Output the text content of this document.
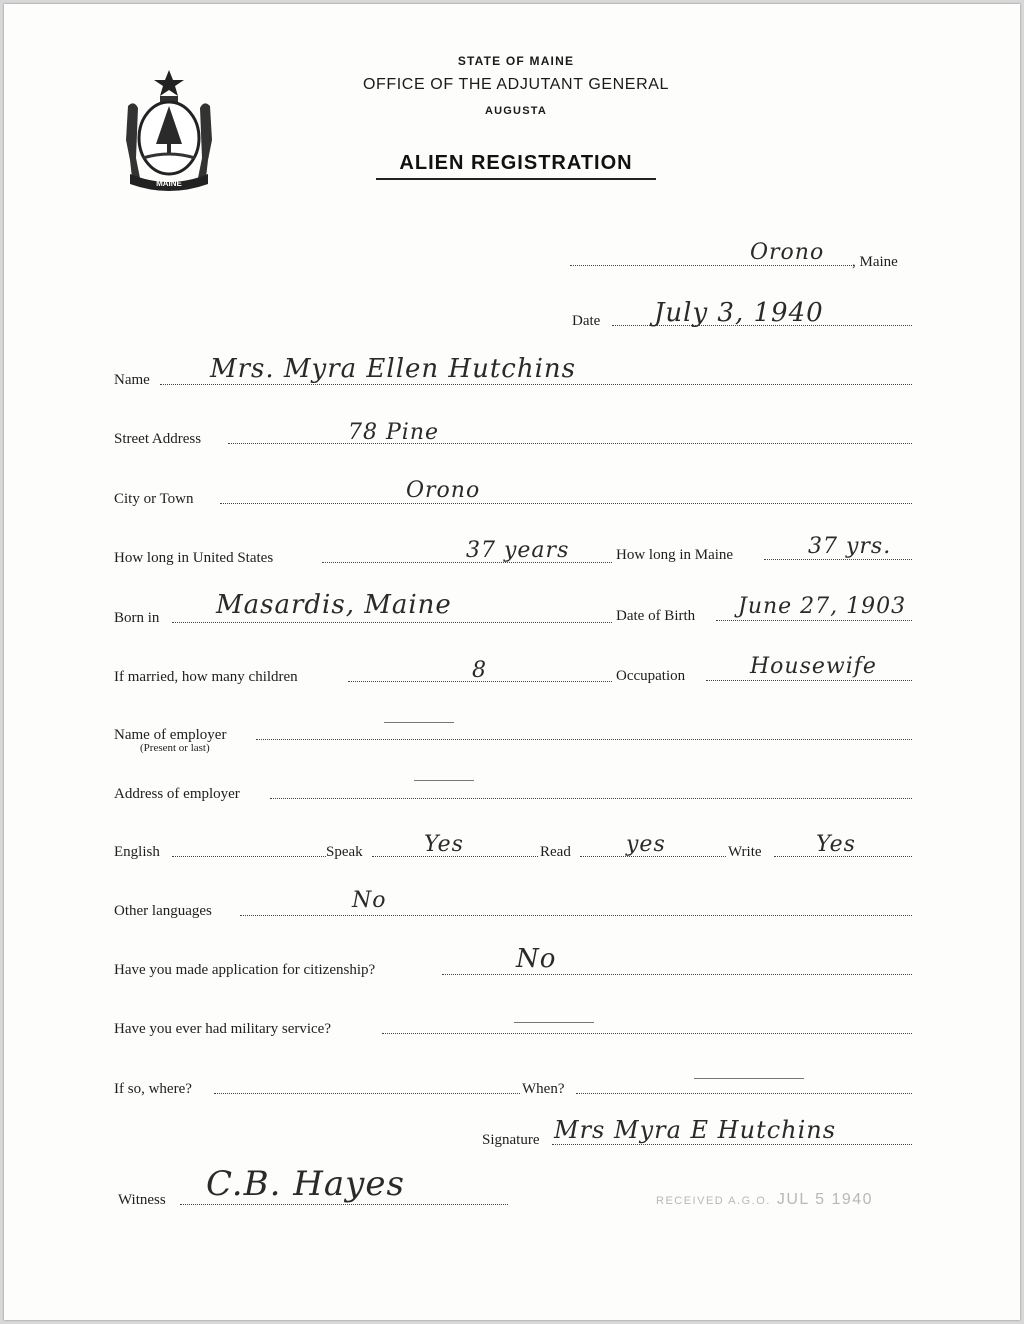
MAINE
STATE OF MAINE
OFFICE OF THE ADJUTANT GENERAL
AUGUSTA
ALIEN REGISTRATION
Orono , Maine
Date July 3, 1940
Name Mrs. Myra Ellen Hutchins
Street Address	78 Pine
City or Town	Orono
How long in United States	37 years	How long in Maine	37 yrs.
Born in Masardis, Maine	Date of Birth June 27, 1903
If married, how many children	8	Occupation	Housewife
Name of employer
(Present or last)
Address of employer
English	Speak	Yes	Read	yes	Write Yes
Other languages	No
Have you made application for citizenship?	No
Have you ever had military service?
If so, where?	When?
Signature Mrs Myra E Hutchins
Witness C.B. Hayes	RECEIVED A.G.O. JUL 5 1940
